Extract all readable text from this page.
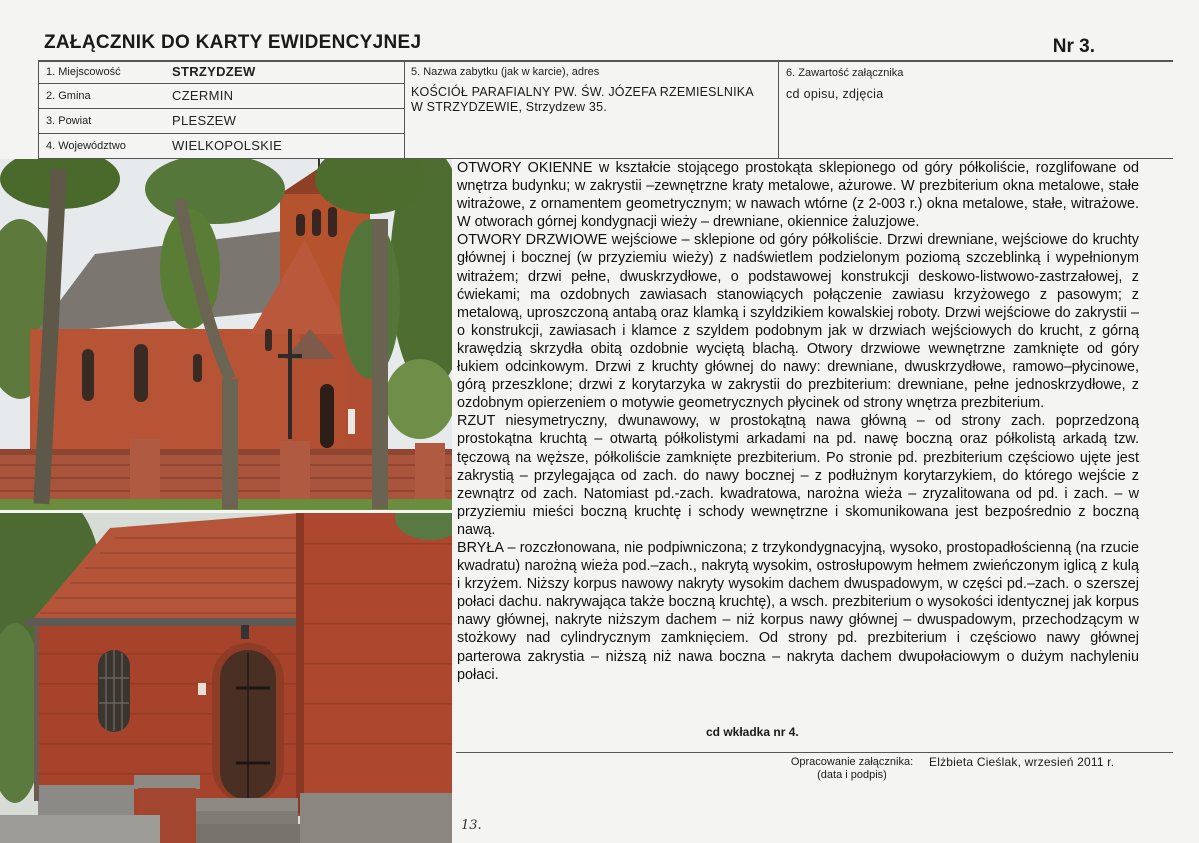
ZAŁĄCZNIK DO KARTY EWIDENCYJNEJ	Nr 3.
1. Miejscowość	STRZYDZEW
2. Gmina	CZERMIN
3. Powiat	PLESZEW
4. Województwo	WIELKOPOLSKIE
5. Nazwa zabytku (jak w karcie), adres
KOŚCIÓŁ PARAFIALNY PW. ŚW. JÓZEFA RZEMIESLNIKA
W STRZYDZEWIE, Strzydzew 35.
6. Zawartość załącznika
cd opisu, zdjęcia

OTWORY OKIENNE w kształcie stojącego prostokąta sklepionego od góry półkoliście, rozglifowane od wnętrza budynku; w zakrystii –zewnętrzne kraty metalowe, ażurowe. W prezbiterium okna metalowe, stałe witrażowe, z ornamentem geometrycznym; w nawach wtórne (z 2-003 r.) okna metalowe, stałe, witrażowe. W otworach górnej kondygnacji wieży – drewniane, okiennice żaluzjowe.

OTWORY DRZWIOWE wejściowe – sklepione od góry półkoliście. Drzwi drewniane, wejściowe do kruchty głównej i bocznej (w przyziemiu wieży) z nadświetlem podzielonym poziomą szczeblinką i wypełnionym witrażem; drzwi pełne, dwuskrzydłowe, o podstawowej konstrukcji deskowo-listwowo-zastrzałowej, z ćwiekami; ma ozdobnych zawiasach stanowiących połączenie zawiasu krzyżowego z pasowym; z metalową, uproszczoną antabą oraz klamką i szyldzikiem kowalskiej roboty. Drzwi wejściowe do zakrystii – o konstrukcji, zawiasach i klamce z szyldem podobnym jak w drzwiach wejściowych do krucht, z górną krawędzią skrzydła obitą ozdobnie wyciętą blachą. Otwory drzwiowe wewnętrzne zamknięte od góry łukiem odcinkowym. Drzwi z kruchty głównej do nawy: drewniane, dwuskrzydłowe, ramowo–płycinowe, górą przeszklone; drzwi z korytarzyka w zakrystii do prezbiterium: drewniane, pełne jednoskrzydłowe, z ozdobnym opierzeniem o motywie geometrycznych płycinek od strony wnętrza prezbiterium.

RZUT niesymetryczny, dwunawowy, w prostokątną nawa główną – od strony zach. poprzedzoną prostokątna kruchtą – otwartą półkolistymi arkadami na pd. nawę boczną oraz półkolistą arkadą tzw. tęczową na węższe, półkoliście zamknięte prezbiterium. Po stronie pd. prezbiterium częściowo ujęte jest zakrystią – przylegająca od zach. do nawy bocznej – z podłużnym korytarzykiem, do którego wejście z zewnątrz od zach. Natomiast pd.-zach. kwadratowa, narożna wieża – zryzalitowana od pd. i zach. – w przyziemiu mieści boczną kruchtę i schody wewnętrzne i skomunikowana jest bezpośrednio z boczną nawą.

BRYŁA – rozczłonowana, nie podpiwniczona; z trzykondygnacyjną, wysoko, prostopadłościenną (na rzucie kwadratu) narożną wieża pod.–zach., nakrytą wysokim, ostrosłupowym hełmem zwieńczonym iglicą z kulą i krzyżem. Niższy korpus nawowy nakryty wysokim dachem dwuspadowym, w części pd.–zach. o szerszej połaci dachu. nakrywająca także boczną kruchtę), a wsch. prezbiterium o wysokości identycznej jak korpus nawy głównej, nakryte niższym dachem – niż korpus nawy głównej – dwuspadowym, przechodzącym w stożkowy nad cylindrycznym zamknięciem. Od strony pd. prezbiterium i częściowo nawy głównej parterowa zakrystia – niższą niż nawa boczna – nakryta dachem dwupołaciowym o dużym nachyleniu połaci.

cd wkładka nr 4.
Opracowanie załącznika:
(data i podpis)
Elżbieta Cieślak, wrzesień 2011 r.
13.
